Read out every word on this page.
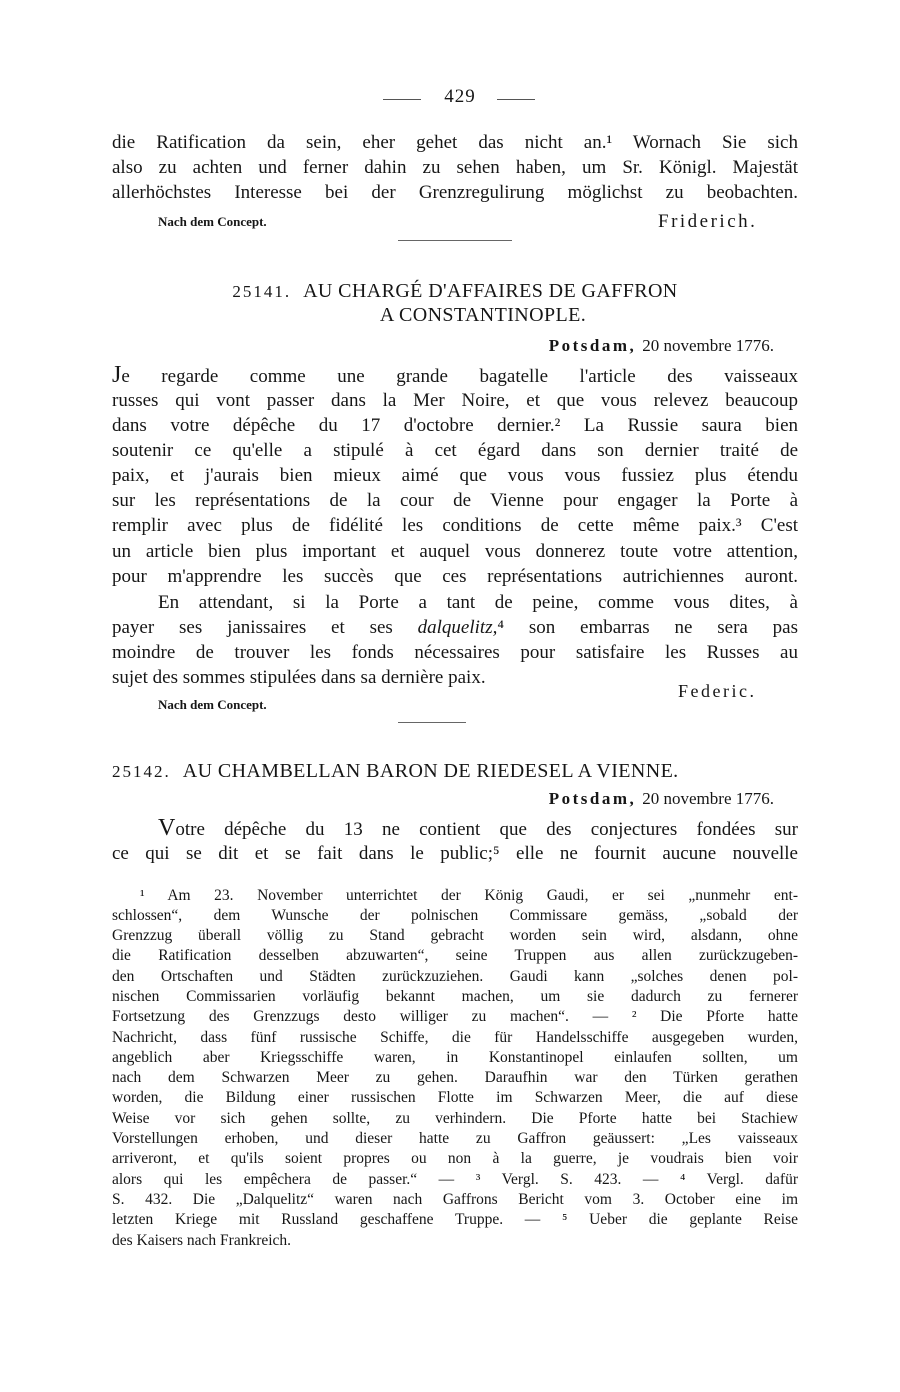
429
die Ratification da sein, eher gehet das nicht an.¹ Wornach Sie sich
also zu achten und ferner dahin zu sehen haben, um Sr. Königl. Majestät
allerhöchstes Interesse bei der Grenzregulirung möglichst zu beobachten.
Nach dem Concept.	Friderich.
25141. AU CHARGÉ D'AFFAIRES DE GAFFRON
A CONSTANTINOPLE.
Potsdam, 20 novembre 1776.
Je regarde comme une grande bagatelle l'article des vaisseaux
russes qui vont passer dans la Mer Noire, et que vous relevez beaucoup
dans votre dépêche du 17 d'octobre dernier.² La Russie saura bien
soutenir ce qu'elle a stipulé à cet égard dans son dernier traité de
paix, et j'aurais bien mieux aimé que vous vous fussiez plus étendu
sur les représentations de la cour de Vienne pour engager la Porte à
remplir avec plus de fidélité les conditions de cette même paix.³ C'est
un article bien plus important et auquel vous donnerez toute votre attention,
pour m'apprendre les succès que ces représentations autrichiennes auront.
En attendant, si la Porte a tant de peine, comme vous dites, à
payer ses janissaires et ses dalquelitz,⁴ son embarras ne sera pas
moindre de trouver les fonds nécessaires pour satisfaire les Russes au
sujet des sommes stipulées dans sa dernière paix.
Federic.
Nach dem Concept.
25142. AU CHAMBELLAN BARON DE RIEDESEL A VIENNE.
Potsdam, 20 novembre 1776.
Votre dépêche du 13 ne contient que des conjectures fondées sur
ce qui se dit et se fait dans le public;⁵ elle ne fournit aucune nouvelle
¹ Am 23. November unterrichtet der König Gaudi, er sei „nunmehr ent-
schlossen“, dem Wunsche der polnischen Commissare gemäss, „sobald der
Grenzzug überall völlig zu Stand gebracht worden sein wird, alsdann, ohne
die Ratification desselben abzuwarten“, seine Truppen aus allen zurückzugeben-
den Ortschaften und Städten zurückzuziehen. Gaudi kann „solches denen pol-
nischen Commissarien vorläufig bekannt machen, um sie dadurch zu fernerer
Fortsetzung des Grenzzugs desto williger zu machen“. — ² Die Pforte hatte
Nachricht, dass fünf russische Schiffe, die für Handelsschiffe ausgegeben wurden,
angeblich aber Kriegsschiffe waren, in Konstantinopel einlaufen sollten, um
nach dem Schwarzen Meer zu gehen. Daraufhin war den Türken gerathen
worden, die Bildung einer russischen Flotte im Schwarzen Meer, die auf diese
Weise vor sich gehen sollte, zu verhindern. Die Pforte hatte bei Stachiew
Vorstellungen erhoben, und dieser hatte zu Gaffron geäussert: „Les vaisseaux
arriveront, et qu'ils soient propres ou non à la guerre, je voudrais bien voir
alors qui les empêchera de passer.“ — ³ Vergl. S. 423. — ⁴ Vergl. dafür
S. 432. Die „Dalquelitz“ waren nach Gaffrons Bericht vom 3. October eine im
letzten Kriege mit Russland geschaffene Truppe. — ⁵ Ueber die geplante Reise
des Kaisers nach Frankreich.
